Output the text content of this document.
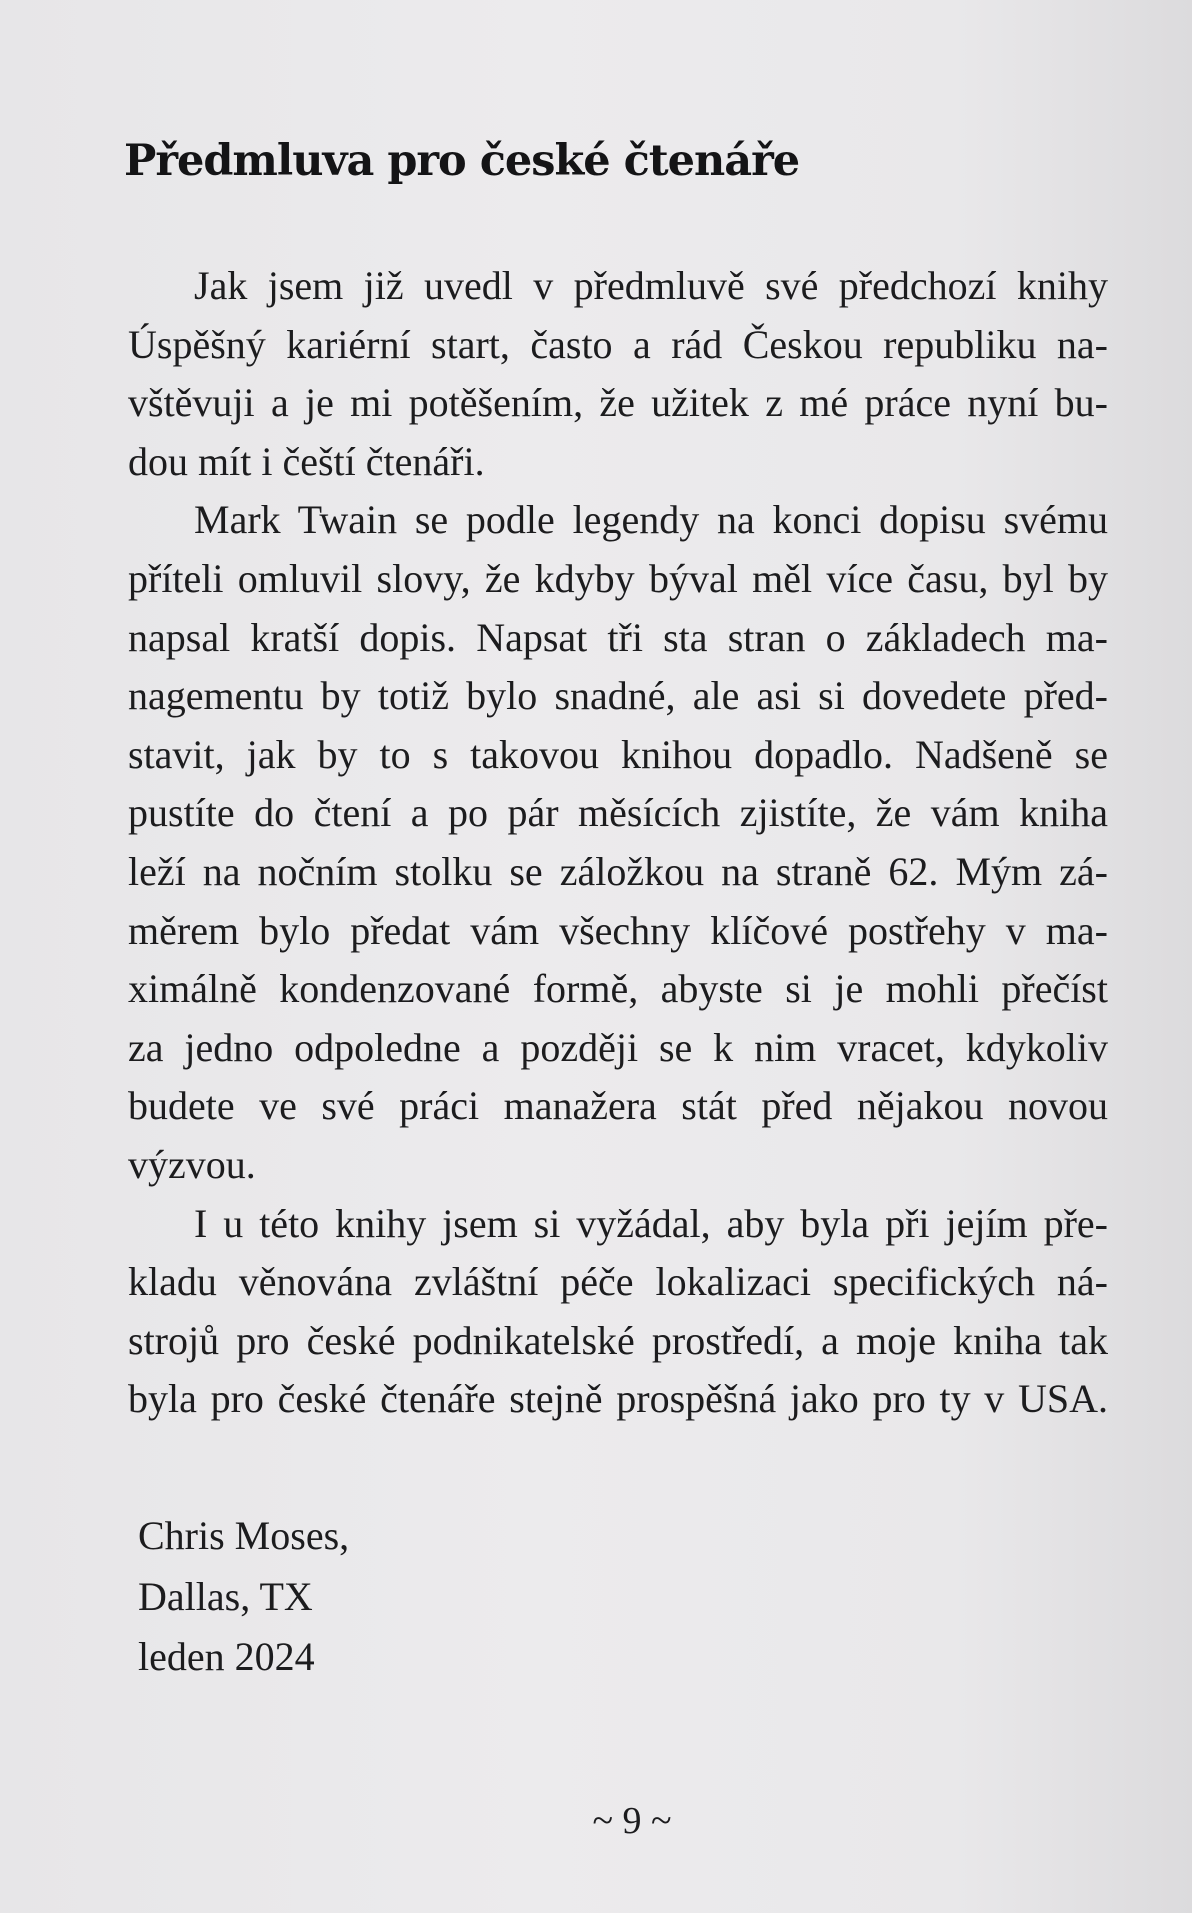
Předmluva pro české čtenáře
Jak jsem již uvedl v předmluvě své předchozí knihy
Úspěšný kariérní start, často a rád Českou republiku na-
vštěvuji a je mi potěšením, že užitek z mé práce nyní bu-
dou mít i čeští čtenáři.
Mark Twain se podle legendy na konci dopisu svému
příteli omluvil slovy, že kdyby býval měl více času, byl by
napsal kratší dopis. Napsat tři sta stran o základech ma-
nagementu by totiž bylo snadné, ale asi si dovedete před-
stavit, jak by to s takovou knihou dopadlo. Nadšeně se
pustíte do čtení a po pár měsících zjistíte, že vám kniha
leží na nočním stolku se záložkou na straně 62. Mým zá-
měrem bylo předat vám všechny klíčové postřehy v ma-
ximálně kondenzované formě, abyste si je mohli přečíst
za jedno odpoledne a později se k nim vracet, kdykoliv
budete ve své práci manažera stát před nějakou novou
výzvou.
I u této knihy jsem si vyžádal, aby byla při jejím pře-
kladu věnována zvláštní péče lokalizaci specifických ná-
strojů pro české podnikatelské prostředí, a moje kniha tak
byla pro české čtenáře stejně prospěšná jako pro ty v USA.
Chris Moses,
Dallas, TX
leden 2024
~ 9 ~
